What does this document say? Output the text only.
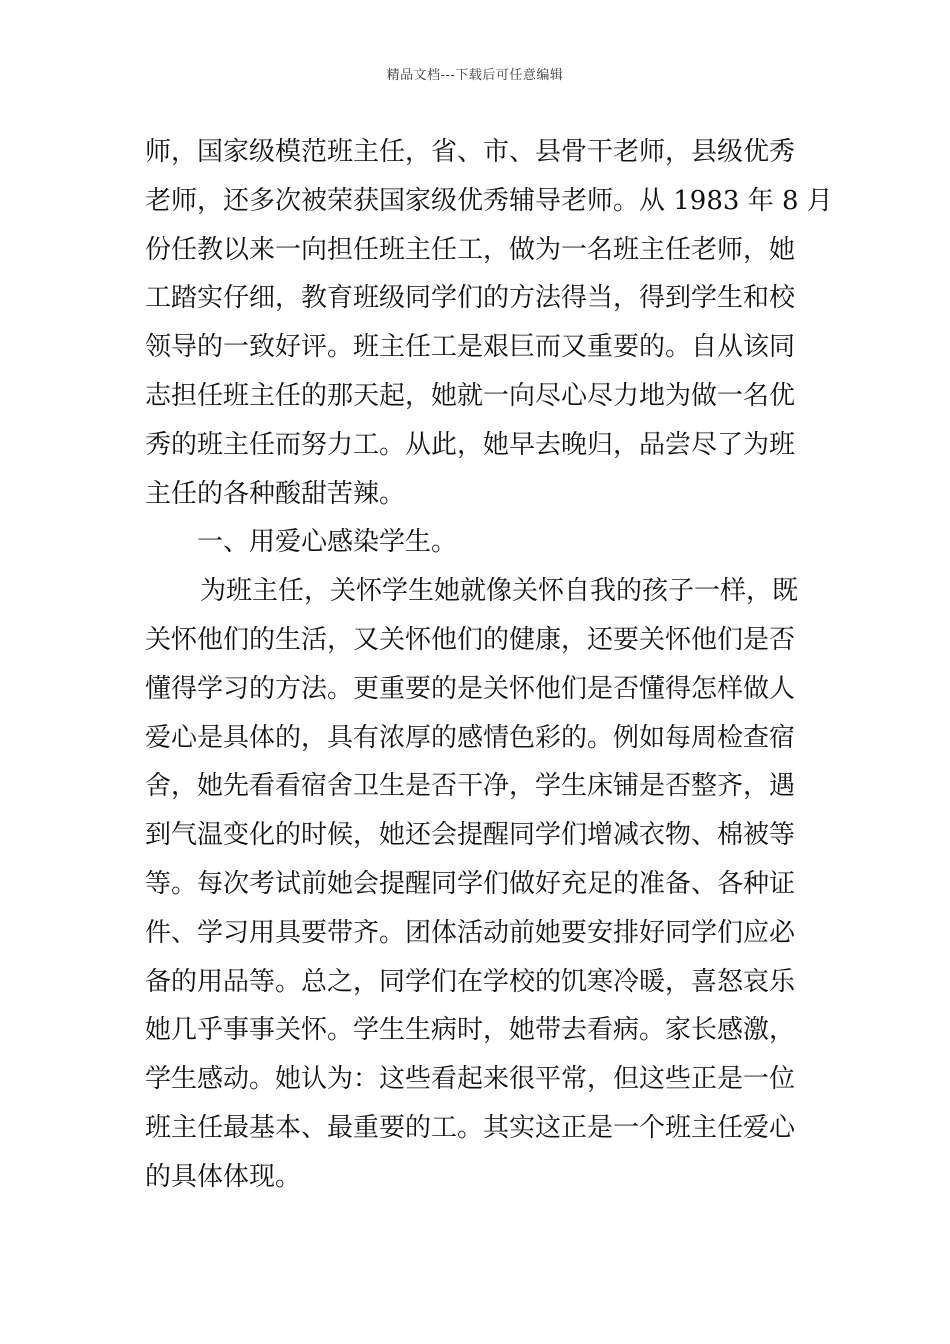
精品文档---下载后可任意编辑
师，国家级模范班主任，省、市、县骨干老师，县级优秀
老师，还多次被荣获国家级优秀辅导老师。从 1983 年 8 月
份任教以来一向担任班主任工，做为一名班主任老师，她
工踏实仔细，教育班级同学们的方法得当，得到学生和校
领导的一致好评。班主任工是艰巨而又重要的。自从该同
志担任班主任的那天起，她就一向尽心尽力地为做一名优
秀的班主任而努力工。从此，她早去晚归，品尝尽了为班
主任的各种酸甜苦辣。
一、用爱心感染学生。
为班主任，关怀学生她就像关怀自我的孩子一样，既
关怀他们的生活，又关怀他们的健康，还要关怀他们是否
懂得学习的方法。更重要的是关怀他们是否懂得怎样做人
爱心是具体的，具有浓厚的感情色彩的。例如每周检查宿
舍，她先看看宿舍卫生是否干净，学生床铺是否整齐，遇
到气温变化的时候，她还会提醒同学们增减衣物、棉被等
等。每次考试前她会提醒同学们做好充足的准备、各种证
件、学习用具要带齐。团体活动前她要安排好同学们应必
备的用品等。总之，同学们在学校的饥寒冷暖，喜怒哀乐
她几乎事事关怀。学生生病时，她带去看病。家长感激，
学生感动。她认为：这些看起来很平常，但这些正是一位
班主任最基本、最重要的工。其实这正是一个班主任爱心
的具体体现。
